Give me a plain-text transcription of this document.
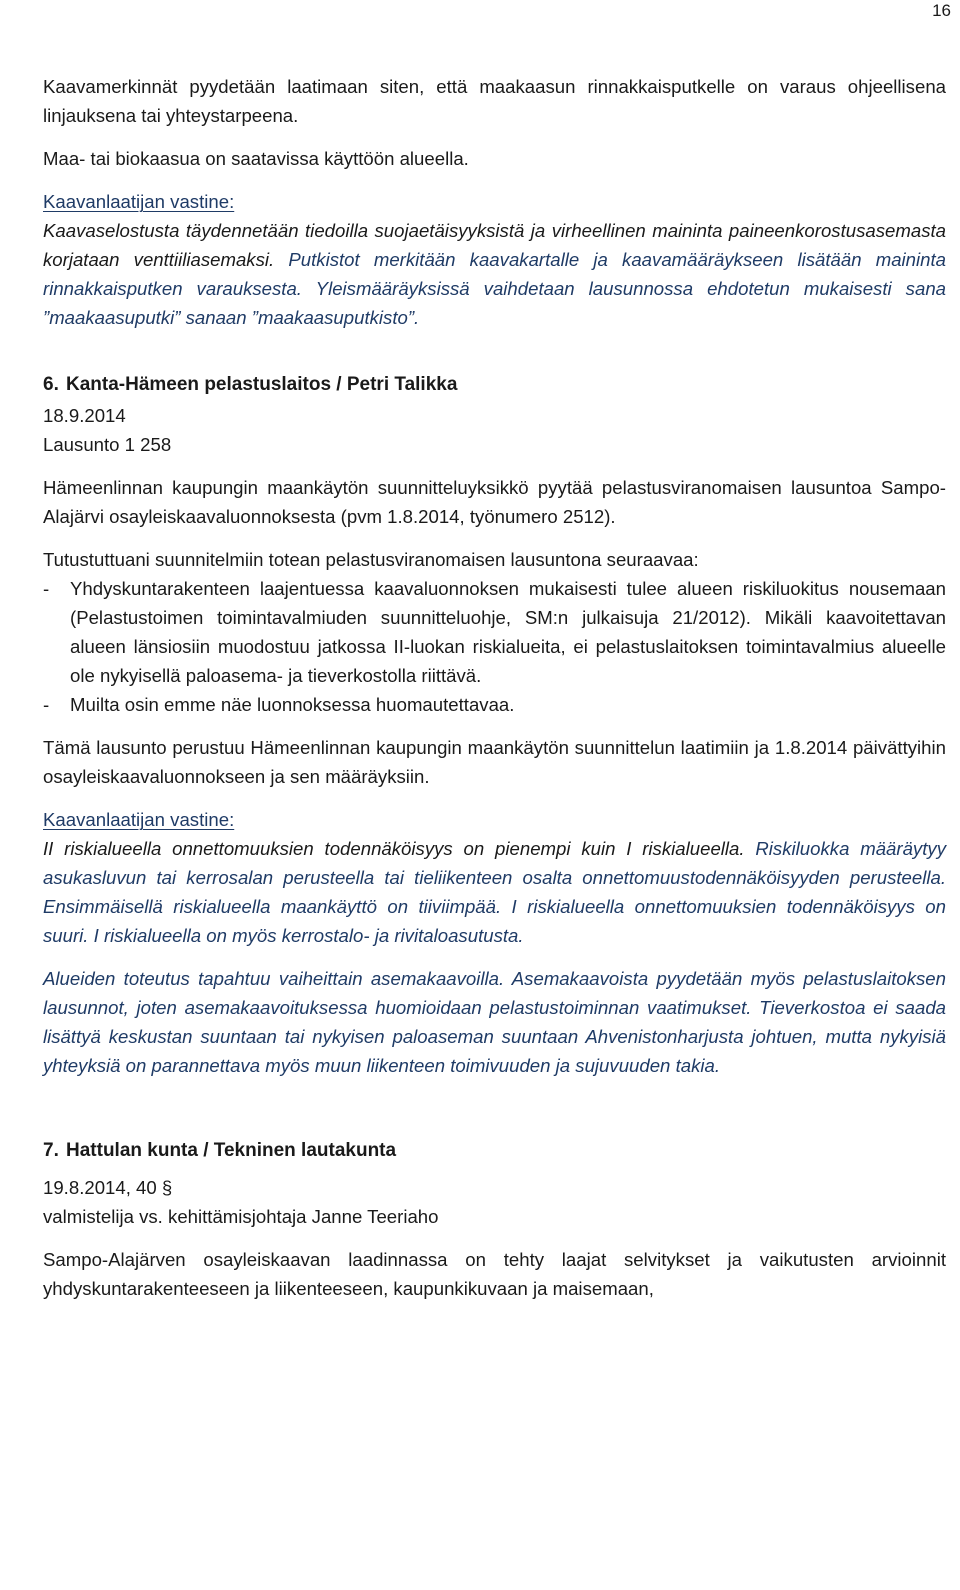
16

Kaavamerkinnät pyydetään laatimaan siten, että maakaasun rinnakkaisputkelle on varaus ohjeellisena linjauksena tai yhteystarpeena.

Maa- tai biokaasua on saatavissa käyttöön alueella.

Kaavanlaatijan vastine:

Kaavaselostusta täydennetään tiedoilla suojaetäisyyksistä ja virheellinen maininta paineenkorostusasemasta korjataan venttiiliasemaksi. Putkistot merkitään kaavakartalle ja kaavamääräykseen lisätään maininta rinnakkaisputken varauksesta. Yleismääräyksissä vaihdetaan lausunnossa ehdotetun mukaisesti sana ”maakaasuputki” sanaan ”maakaasuputkisto”.

6. Kanta-Hämeen pelastuslaitos / Petri Talikka

18.9.2014

Lausunto 1 258

Hämeenlinnan kaupungin maankäytön suunnitteluyksikkö pyytää pelastusviranomaisen lausuntoa Sampo-Alajärvi osayleiskaavaluonnoksesta (pvm 1.8.2014, työnumero 2512).

Tutustuttuani suunnitelmiin totean pelastusviranomaisen lausuntona seuraavaa:

- Yhdyskuntarakenteen laajentuessa kaavaluonnoksen mukaisesti tulee alueen riskiluokitus nousemaan (Pelastustoimen toimintavalmiuden suunnitteluohje, SM:n julkaisuja 21/2012). Mikäli kaavoitettavan alueen länsiosiin muodostuu jatkossa II-luokan riskialueita, ei pelastuslaitoksen toimintavalmius alueelle ole nykyisellä paloasema- ja tieverkostolla riittävä.
- Muilta osin emme näe luonnoksessa huomautettavaa.

Tämä lausunto perustuu Hämeenlinnan kaupungin maankäytön suunnittelun laatimiin ja 1.8.2014 päivättyihin osayleiskaavaluonnokseen ja sen määräyksiin.

Kaavanlaatijan vastine:

II riskialueella onnettomuuksien todennäköisyys on pienempi kuin I riskialueella. Riskiluokka määräytyy asukasluvun tai kerrosalan perusteella tai tieliikenteen osalta onnettomuustodennäköisyyden perusteella. Ensimmäisellä riskialueella maankäyttö on tiiviimpää. I riskialueella onnettomuuksien todennäköisyys on suuri. I riskialueella on myös kerrostalo- ja rivitaloasutusta.

Alueiden toteutus tapahtuu vaiheittain asemakaavoilla. Asemakaavoista pyydetään myös pelastuslaitoksen lausunnot, joten asemakaavoituksessa huomioidaan pelastustoiminnan vaatimukset. Tieverkostoa ei saada lisättyä keskustan suuntaan tai nykyisen paloaseman suuntaan Ahvenistonharjusta johtuen, mutta nykyisiä yhteyksiä on parannettava myös muun liikenteen toimivuuden ja sujuvuuden takia.

7. Hattulan kunta / Tekninen lautakunta

19.8.2014, 40 §

valmistelija vs. kehittämisjohtaja Janne Teeriaho

Sampo-Alajärven osayleiskaavan laadinnassa on tehty laajat selvitykset ja vaikutusten arvioinnit yhdyskuntarakenteeseen ja liikenteeseen, kaupunkikuvaan ja maisemaan,
